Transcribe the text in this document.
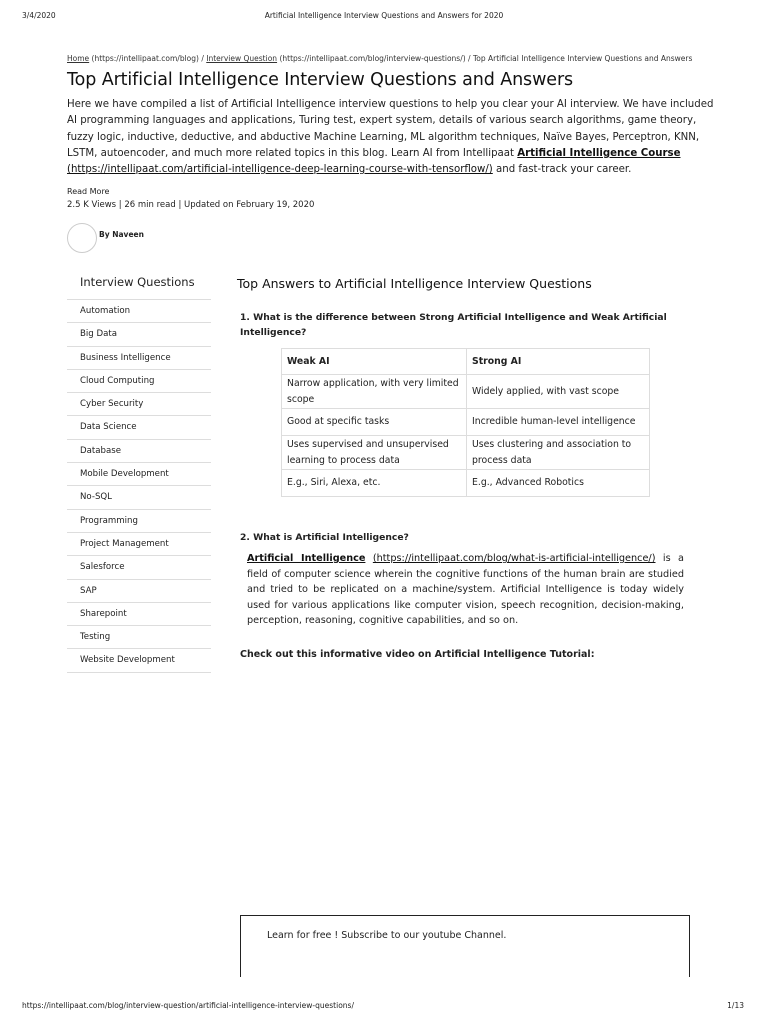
3/4/2020	Artificial Intelligence Interview Questions and Answers for 2020
Home (https://intellipaat.com/blog) / Interview Question (https://intellipaat.com/blog/interview-questions/) / Top Artificial Intelligence Interview Questions and Answers
Top Artificial Intelligence Interview Questions and Answers
Here we have compiled a list of Artificial Intelligence interview questions to help you clear your AI interview. We have included AI programming languages and applications, Turing test, expert system, details of various search algorithms, game theory, fuzzy logic, inductive, deductive, and abductive Machine Learning, ML algorithm techniques, Naïve Bayes, Perceptron, KNN, LSTM, autoencoder, and much more related topics in this blog. Learn AI from Intellipaat Artificial Intelligence Course
(https://intellipaat.com/artificial-intelligence-deep-learning-course-with-tensorflow/) and fast-track your career.
Read More
2.5 K Views | 26 min read | Updated on February 19, 2020
By Naveen
Interview Questions
Automation
Big Data
Business Intelligence
Cloud Computing
Cyber Security
Data Science
Database
Mobile Development
No-SQL
Programming
Project Management
Salesforce
SAP
Sharepoint
Testing
Website Development
Top Answers to Artificial Intelligence Interview Questions
1. What is the difference between Strong Artificial Intelligence and Weak Artificial Intelligence?
Weak AI	Strong AI
Narrow application, with very limited scope	Widely applied, with vast scope
Good at specific tasks	Incredible human-level intelligence
Uses supervised and unsupervised learning to process data	Uses clustering and association to process data
E.g., Siri, Alexa, etc.	E.g., Advanced Robotics
2. What is Artificial Intelligence?
Artificial Intelligence (https://intellipaat.com/blog/what-is-artificial-intelligence/) is a field of computer science wherein the cognitive functions of the human brain are studied and tried to be replicated on a machine/system. Artificial Intelligence is today widely used for various applications like computer vision, speech recognition, decision-making, perception, reasoning, cognitive capabilities, and so on.
Check out this informative video on Artificial Intelligence Tutorial:
Learn for free ! Subscribe to our youtube Channel.
https://intellipaat.com/blog/interview-question/artificial-intelligence-interview-questions/	1/13
